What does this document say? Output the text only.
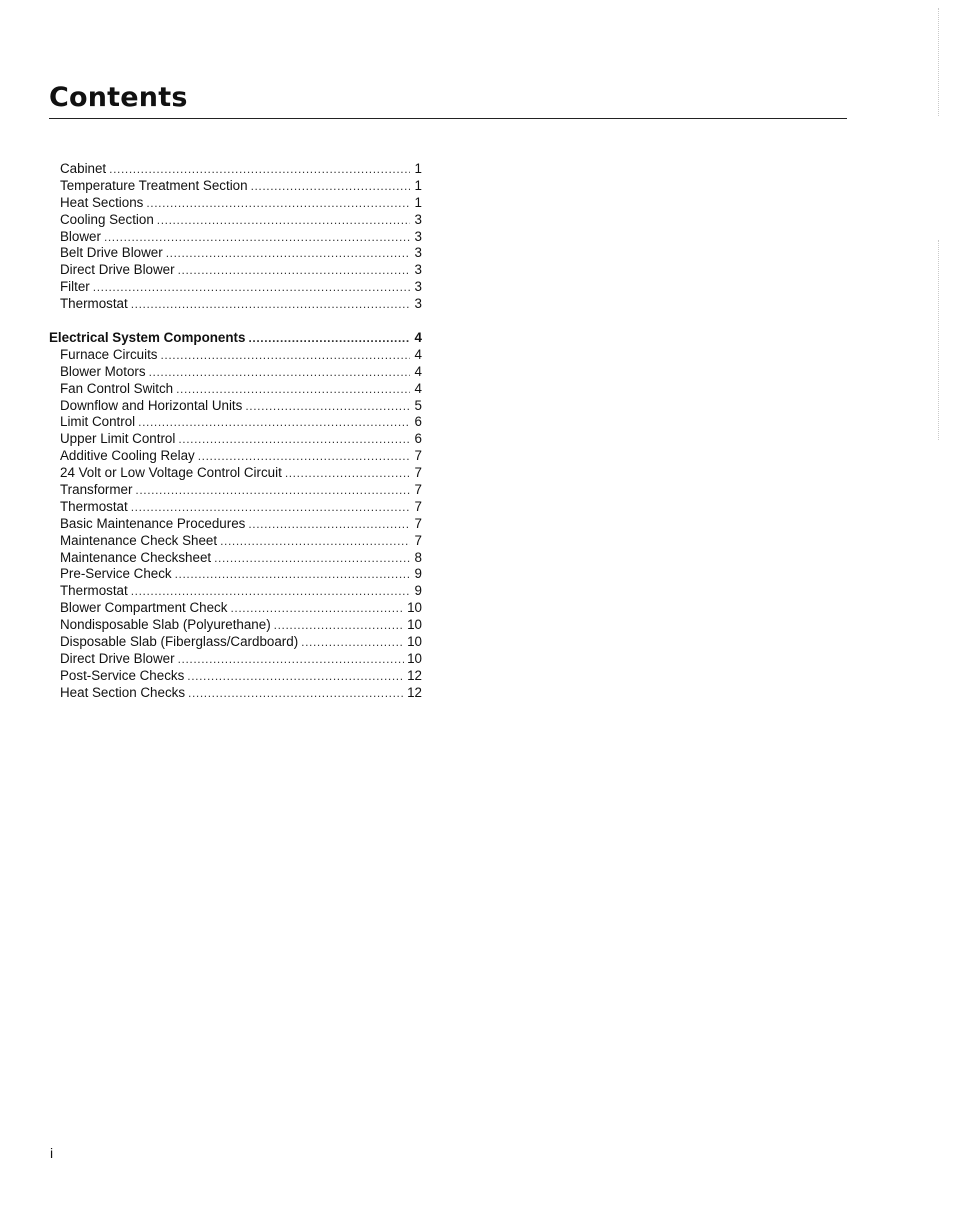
Contents
Cabinet .....	1
Temperature Treatment Section .....	1
Heat Sections .....	1
Cooling Section .....	3
Blower .....	3
Belt Drive Blower .....	3
Direct Drive Blower .....	3
Filter .....	3
Thermostat .....	3
Electrical System Components .....	4
Furnace Circuits .....	4
Blower Motors .....	4
Fan Control Switch .....	4
Downflow and Horizontal Units .....	5
Limit Control .....	6
Upper Limit Control .....	6
Additive Cooling Relay .....	7
24 Volt or Low Voltage Control Circuit .....	7
Transformer .....	7
Thermostat .....	7
Basic Maintenance Procedures .....	7
Maintenance Check Sheet .....	7
Maintenance Checksheet .....	8
Pre-Service Check .....	9
Thermostat .....	9
Blower Compartment Check .....	10
Nondisposable Slab (Polyurethane) .....	10
Disposable Slab (Fiberglass/Cardboard) .....	10
Direct Drive Blower .....	10
Post-Service Checks .....	12
Heat Section Checks .....	12
i
